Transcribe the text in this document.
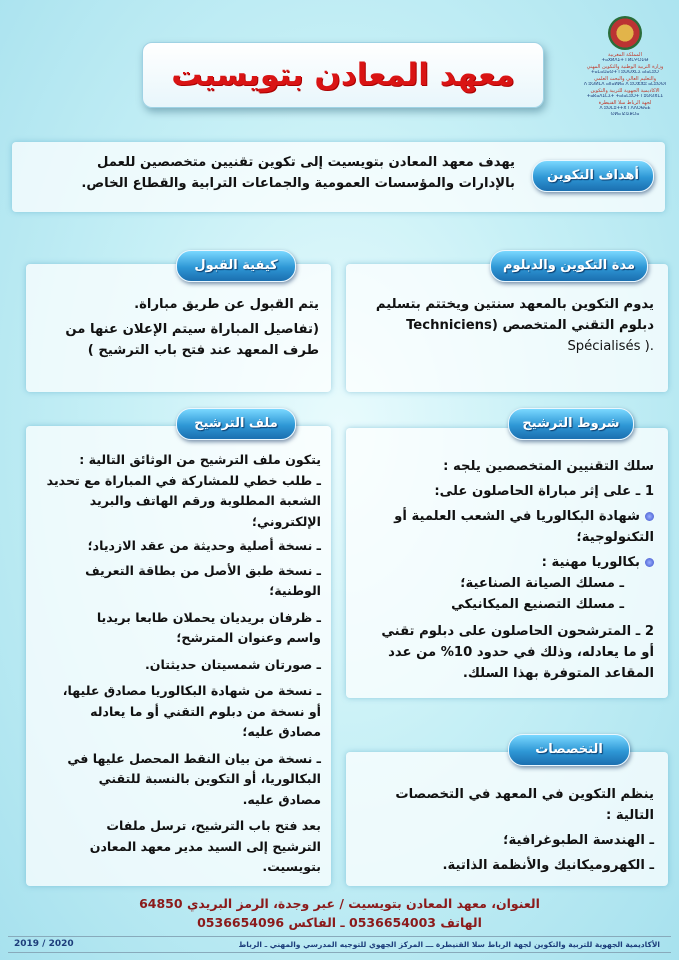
المملكة المغربية
ⵜⴰⴳⵍⴷⵉⵜ ⵏ ⵍⵎⵖⵔⵉⴱ
وزارة التربية الوطنية والتكوين المهني
ⵜⴰⵎⴰⵡⴰⵙⵜ ⵏ ⵓⵙⵙⴳⵎⵉ ⴰⵏⴰⵎⵓⵔ
والتعليم العالي والبحث العلمي
ⴷ ⵓⵙⵍⵎⴷ ⴰⵏⵏⴰⵍⵍⴰ ⴷ ⵓⵔⵣⵣⵓ ⴰⵎⵓⵙⵙⵏ
الأكاديمية الجهوية للتربية والتكوين
ⵜⴰⴽⴰⴷⵉⵎⵉⵜ ⵜⴰⵏⴰⵎⵓⵔⵜ ⵏ ⵓⵙⵙⴳⵎⵉ
لجهة الرباط سلا القنيطرة
ⴷ ⵓⵙⵎⵓⵜⵜⴳ ⵏ ⴷⴷⵔⴱⴰⴹ
ⵙⵍⴰ ⵇⵏⵉⵟⵔⴰ
معهد المعادن بتويسيت

يهدف معهد المعادن بتويسيت إلى تكوين تقنيين متخصصين للعمل

بالإدارات والمؤسسات العمومية والجماعات الترابية والقطاع الخاص.

أهداف التكوين

يتم القبول عن طريق مباراة.

(تفاصيل المباراة سيتم الإعلان عنها من

طرف المعهد عند فتح باب الترشيح )

كيفية القبول

يدوم التكوين بالمعهد سنتين ويختتم بتسليم

دبلوم التقني المتخصص (Techniciens

Spécialisés ).

مدة التكوين والدبلوم

يتكون ملف الترشيح من الوثائق التالية :

ـ طلب خطي للمشاركة في المباراة مع تحديد

الشعبة المطلوبة ورقم الهاتف والبريد

الإلكتروني؛

ـ نسخة أصلية وحديثة من عقد الازدياد؛

ـ نسخة طبق الأصل من بطاقة التعريف

الوطنية؛

ـ ظرفان بريديان يحملان طابعا بريديا

واسم وعنوان المترشح؛

ـ صورتان شمسيتان حديثتان.

ـ نسخة من شهادة البكالوريا مصادق عليها،

أو نسخة من دبلوم التقني أو ما يعادله

مصادق عليه؛

ـ نسخة من بيان النقط المحصل عليها في

البكالوريا، أو التكوين بالنسبة للتقني

مصادق عليه.

بعد فتح باب الترشيح، ترسل ملفات

الترشيح إلى السيد مدير معهد المعادن

بتويسيت.

ملف الترشيح

سلك التقنيين المتخصصين يلجه :

1 ـ على إثر مباراة الحاصلون على:

شهادة البكالوريا في الشعب العلمية أو

التكنولوجية؛

بكالوريا مهنية :

ـ مسلك الصيانة الصناعية؛

ـ مسلك التصنيع الميكانيكي

2 ـ المترشحون الحاصلون على دبلوم تقني

أو ما يعادله، وذلك في حدود 10% من عدد

المقاعد المتوفرة بهذا السلك.

شروط الترشيح

ينظم التكوين في المعهد في التخصصات

التالية :

ـ الهندسة الطبوغرافية؛

ـ الكهروميكانيك والأنظمة الذاتية.

التخصصات
العنوان، معهد المعادن بتويسيت / عبر وجدة، الرمز البريدي 64850
الهاتف 0536654003 ـ الفاكس 0536654096
الأكاديمية الجهوية للتربية والتكوين لجهة الرباط سلا القنيطرة ـــ المركز الجهوي للتوجيه المدرسي والمهني ـ الرباط
2019 / 2020
